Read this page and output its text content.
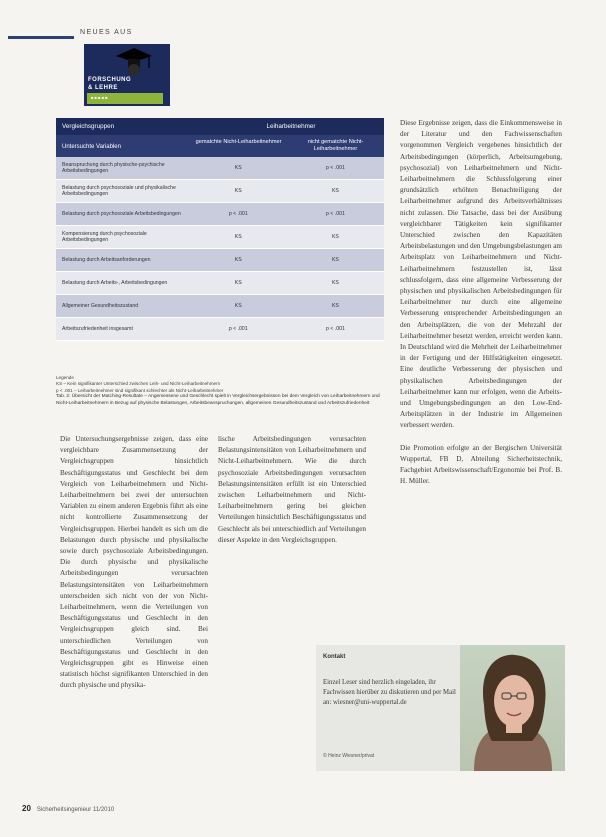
NEUES AUS
FORSCHUNG
& LEHRE
■ ■ ■ ■ ■
Vergleichsgruppen	Leiharbeitnehmer
Untersuchte Variablen
gematchte Nicht-Leiharbeitnehmer	nicht gematchte Nicht-Leiharbeitnehmer
Beanspruchung durch physische-psychische Arbeitsbedingungen	KS	p < .001
Belastung durch psychosoziale und physikalische Arbeitsbedingungen	KS	KS
Belastung durch psychosoziale Arbeitsbedingungen	p < .001	p < .001
Kompensierung durch psychosoziale Arbeitsbedingungen	KS	KS
Belastung durch Arbeitsanforderungen	KS	KS
Belastung durch Arbeits-, Arbeitsbedingungen	KS	KS
Allgemeiner Gesundheitszustand	KS	KS
Arbeitszufriedenheit insgesamt	p < .001	p < .001
Legende
KS – Kein signifikanter Unterschied zwischen Leih- und Nicht-Leiharbeitnehmern
p < .001 – Leiharbeitnehmer sind signifikant schlechter als Nicht-Leiharbeitnehmer
Tab. 2: Übersicht der Matching-Resultate – Angemessene und Geschlecht spielt in Vergleichsergebnissen bei dem Vergleich von Leiharbeitnehmern und Nicht-Leiharbeitnehmern in Bezug auf physische Belastungen, Arbeitsbeanspruchungen, allgemeinen Gesundheitszustand und Arbeitszufriedenheit

Die Untersuchungsergebnisse zeigen, dass eine vergleichbare Zusammensetzung der Vergleichsgruppen hinsichtlich Beschäftigungsstatus und Geschlecht bei dem Vergleich von Leiharbeitnehmern und Nicht-Leiharbeitnehmern bei zwei der untersuchten Variablen zu einem anderen Ergebnis führt als eine nicht kontrollierte Zusammensetzung der Vergleichsgruppen. Hierbei handelt es sich um die Belastungen durch physische und physikalische sowie durch psychosoziale Arbeitsbedingungen. Die durch physische und physikalische Arbeitsbedingungen verursachten Belastungsintensitäten von Leiharbeitnehmern unterscheiden sich nicht von der von Nicht-Leiharbeitnehmern, wenn die Verteilungen von Beschäftigungsstatus und Geschlecht in den Vergleichsgruppen gleich sind. Bei unterschiedlichen Verteilungen von Beschäftigungsstatus und Geschlecht in den Vergleichsgruppen gibt es Hinweise einen statistisch höchst signifikanten Unterschied in den durch physische und physika-

lische Arbeitsbedingungen verursachten Belastungsintensitäten von Leiharbeitnehmern und Nicht-Leiharbeitnehmern. Wie die durch psychosoziale Arbeitsbedingungen verursachten Belastungsintensitäten erfüllt ist ein Unterschied zwischen Leiharbeitnehmern und Nicht-Leiharbeitnehmern gering bei gleichen Verteilungen hinsichtlich Beschäftigungsstatus und Geschlecht als bei unterschiedlich auf Verteilungen dieser Aspekte in den Vergleichsgruppen.

Diese Ergebnisse zeigen, dass die Einkommensweise in der Literatur und den Fachwissenschaften vorgenommen Vergleich vergebenes hinsichtlich der Arbeitsbedingungen (körperlich, Arbeitsumgebung, psychosozial) von Leiharbeitnehmern und Nicht-Leiharbeitnehmern die Schlussfolgerung einer grundsätzlich erhöhten Benachteiligung der Leiharbeitnehmer aufgrund des Arbeitsverhältnisses nicht zulassen. Die Tatsache, dass bei der Ausübung vergleichbarer Tätigkeiten kein signifikanter Unterschied zwischen den Kapazitäten Arbeitsbelastungen und den Umgebungsbelastungen am Arbeitsplatz von Leiharbeitnehmern und Nicht-Leiharbeitnehmern festzustellen ist, lässt schlussfolgern, dass eine allgemeine Verbesserung der physischen und physikalischen Arbeitsbedingungen für Leiharbeitnehmer nur durch eine allgemeine Verbesserung entsprechender Arbeitsbedingungen an den Arbeitsplätzen, die von der Mehrzahl der Leiharbeitnehmer besetzt werden, erreicht werden kann. In Deutschland wird die Mehrheit der Leiharbeitnehmer in der Fertigung und der Hilfstätigkeiten eingesetzt. Eine deutliche Verbesserung der physischen und physikalischen Arbeitsbedingungen der Leiharbeitnehmer kann nur erfolgen, wenn die Arbeits- und Umgebungsbedingungen an den Low-End-Arbeitsplätzen in der Industrie im Allgemeinen verbessert werden.

Die Promotion erfolgte an der Bergischen Universität Wuppertal, FB D, Abteilung Sicherheitstechnik, Fachgebiet Arbeitswissenschaft/Ergonomie bei Prof. B. H. Müller.

Kontakt
Einzel Leser sind herzlich eingeladen, ihr Fachwissen hierüber zu diskutieren und per Mail an: wiesner@uni-wuppertal.de
© Heinz Wiesner/privat
20 Sicherheitsingenieur 11/2010
